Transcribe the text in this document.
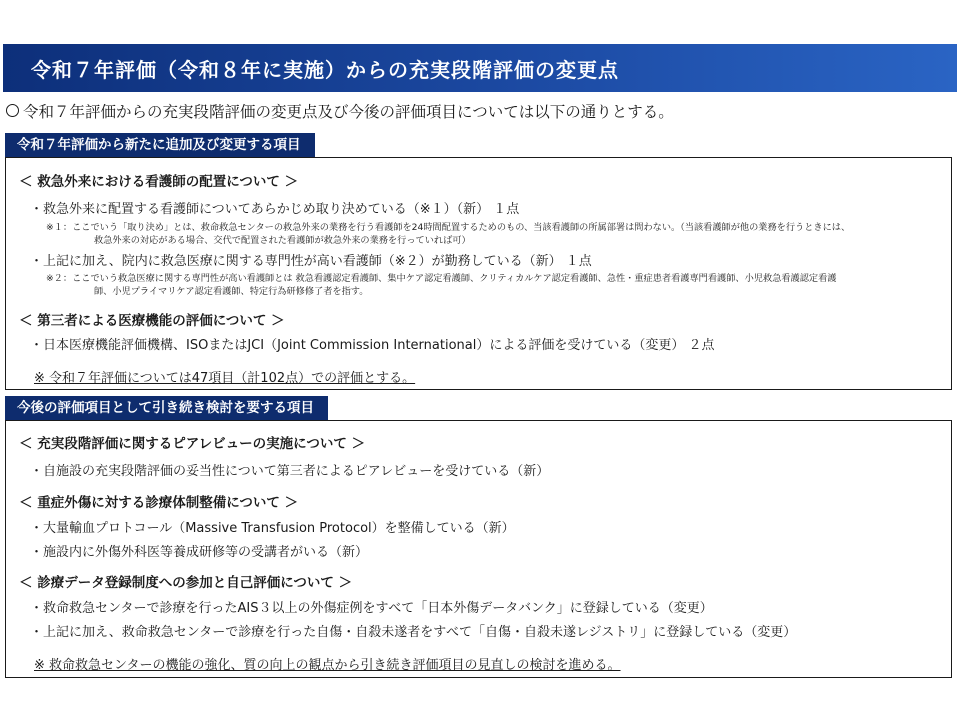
令和７年評価（令和８年に実施）からの充実段階評価の変更点
令和７年評価からの充実段階評価の変更点及び今後の評価項目については以下の通りとする。
令和７年評価から新たに追加及び変更する項目
＜ 救急外来における看護師の配置について ＞
・救急外来に配置する看護師についてあらかじめ取り決めている（※１）（新） １点
※１：ここでいう「取り決め」とは、救命救急センターの救急外来の業務を行う看護師を24時間配置するためのもの、当該看護師の所属部署は問わない。（当該看護師が他の業務を行うときには、
救急外来の対応がある場合、交代で配置された看護師が救急外来の業務を行っていれば可）
・上記に加え、院内に救急医療に関する専門性が高い看護師（※２）が勤務している（新） １点
※２：ここでいう救急医療に関する専門性が高い看護師とは 救急看護認定看護師、集中ケア認定看護師、クリティカルケア認定看護師、急性・重症患者看護専門看護師、小児救急看護認定看護
師、小児プライマリケア認定看護師、特定行為研修修了者を指す。
＜ 第三者による医療機能の評価について ＞
・日本医療機能評価機構、ISOまたはJCI（Joint Commission International）による評価を受けている（変更） ２点
※ 令和７年評価については47項目（計102点）での評価とする。
今後の評価項目として引き続き検討を要する項目
＜ 充実段階評価に関するピアレビューの実施について ＞
・自施設の充実段階評価の妥当性について第三者によるピアレビューを受けている（新）
＜ 重症外傷に対する診療体制整備について ＞
・大量輸血プロトコール（Massive Transfusion Protocol）を整備している（新）
・施設内に外傷外科医等養成研修等の受講者がいる（新）
＜ 診療データ登録制度への参加と自己評価について ＞
・救命救急センターで診療を行ったAIS３以上の外傷症例をすべて「日本外傷データバンク」に登録している（変更）
・上記に加え、救命救急センターで診療を行った自傷・自殺未遂者をすべて「自傷・自殺未遂レジストリ」に登録している（変更）
※ 救命救急センターの機能の強化、質の向上の観点から引き続き評価項目の見直しの検討を進める。
